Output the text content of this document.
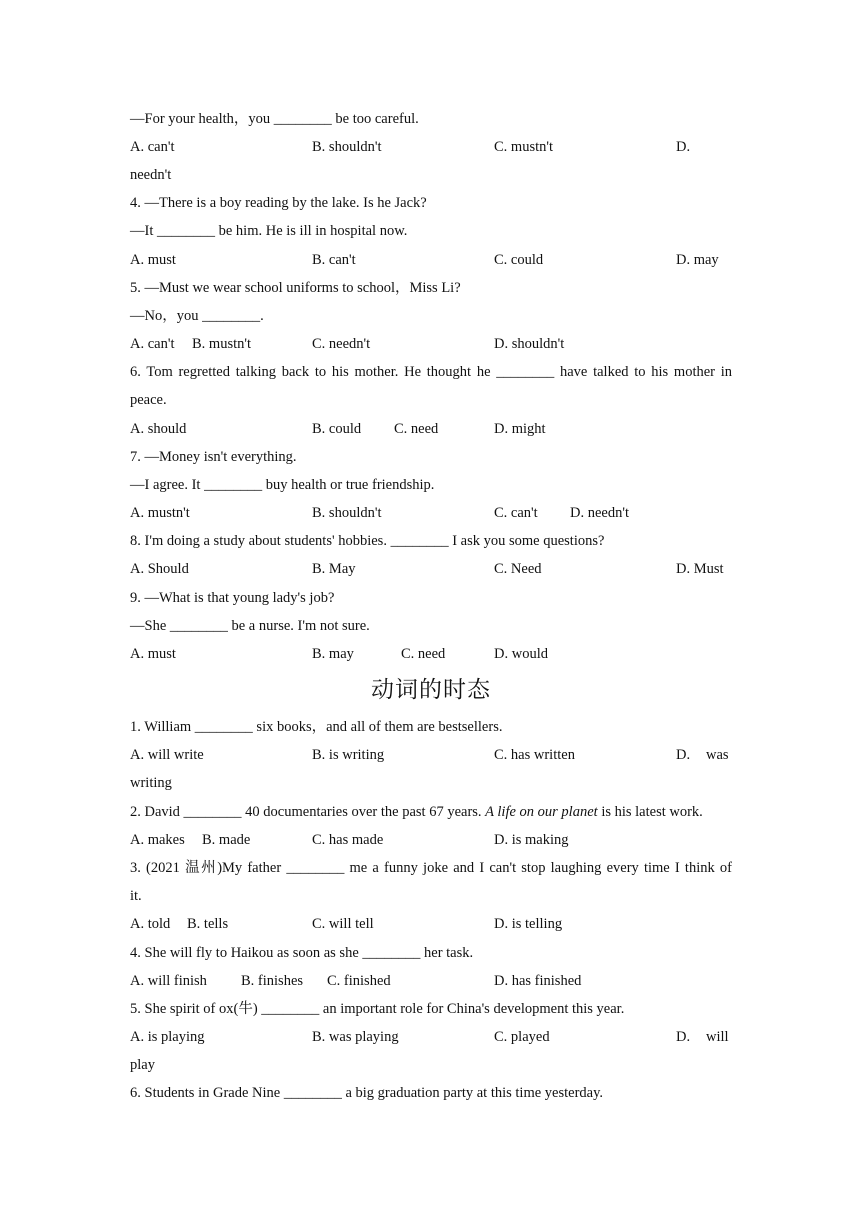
—For your health，you ________ be too careful.
A. can't	B. shouldn't	C. mustn't	D.
needn't
4. —There is a boy reading by the lake. Is he Jack?
—It ________ be him. He is ill in hospital now.
A. must	B. can't	C. could	D. may
5. —Must we wear school uniforms to school，Miss Li?
—No，you ________.
A. can't B. mustn't	C. needn't	D. shouldn't
6. Tom regretted talking back to his mother. He thought he ________ have talked to his mother in
peace.
A. should	B. could C. need	D. might
7. —Money isn't everything.
—I agree. It ________ buy health or true friendship.
A. mustn't	B. shouldn't	C. can't D. needn't
8. I'm doing a study about students' hobbies. ________ I ask you some questions?
A. Should	B. May	C. Need	D. Must
9. —What is that young lady's job?
—She ________ be a nurse. I'm not sure.
A. must	B. may	C. need	D. would
动词的时态
1. William ________ six books，and all of them are bestsellers.
A. will write	B. is writing	C. has written	D. was
writing
2. David ________ 40 documentaries over the past 67 years. A life on our planet is his latest work.
A. makes B. made	C. has made	D. is making
3. (2021 温州)My father ________ me a funny joke and I can't stop laughing every time I think of
it.
A. told B. tells	C. will tell	D. is telling
4. She will fly to Haikou as soon as she ________ her task.
A. will finish B. finishes C. finished	D. has finished
5. She spirit of ox(牛) ________ an important role for China's development this year.
A. is playing	B. was playing	C. played	D. will
play
6. Students in Grade Nine ________ a big graduation party at this time yesterday.
